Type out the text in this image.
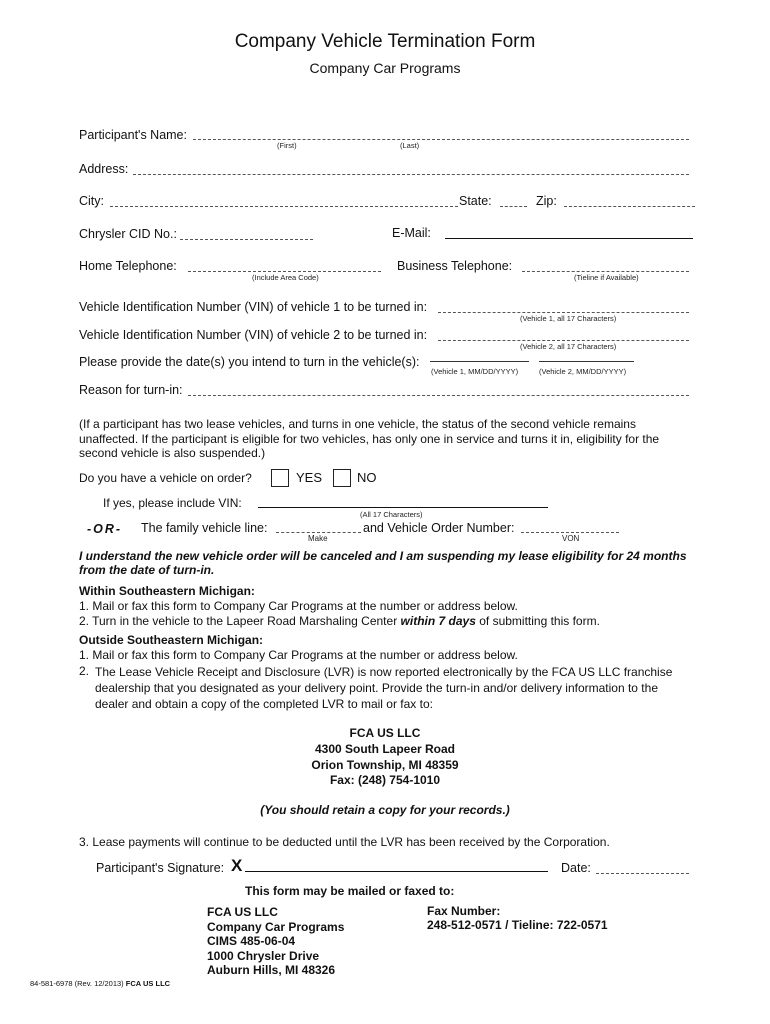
Company Vehicle Termination Form
Company Car Programs
Participant's Name:
(First)	(Last)
Address:
City:	State:	Zip:
Chrysler CID No.:	E-Mail:
Home Telephone:
(Include Area Code)
Business Telephone:
(Tieline if Available)
Vehicle Identification Number (VIN) of vehicle 1 to be turned in:
(Vehicle 1, all 17 Characters)
Vehicle Identification Number (VIN) of vehicle 2 to be turned in:
(Vehicle 2, all 17 Characters)
Please provide the date(s) you intend to turn in the vehicle(s):
(Vehicle 1, MM/DD/YYYY)	(Vehicle 2, MM/DD/YYYY)
Reason for turn-in:
(If a participant has two lease vehicles, and turns in one vehicle, the status of the second vehicle remains unaffected. If the participant is eligible for two vehicles, has only one in service and turns it in, eligibility for the second vehicle is also suspended.)
Do you have a vehicle on order?	YES	NO
If yes, please include VIN:
(All 17 Characters)
-OR- The family vehicle line:
Make
and Vehicle Order Number:
VON
I understand the new vehicle order will be canceled and I am suspending my lease eligibility for 24 months from the date of turn-in.
Within Southeastern Michigan:
1. Mail or fax this form to Company Car Programs at the number or address below.
2. Turn in the vehicle to the Lapeer Road Marshaling Center within 7 days of submitting this form.
Outside Southeastern Michigan:
1. Mail or fax this form to Company Car Programs at the number or address below.
2. The Lease Vehicle Receipt and Disclosure (LVR) is now reported electronically by the FCA US LLC franchise dealership that you designated as your delivery point. Provide the turn-in and/or delivery information to the dealer and obtain a copy of the completed LVR to mail or fax to:
FCA US LLC
4300 South Lapeer Road
Orion Township, MI 48359
Fax: (248) 754-1010
(You should retain a copy for your records.)
3. Lease payments will continue to be deducted until the LVR has been received by the Corporation.
Participant's Signature: X	Date:
This form may be mailed or faxed to:
FCA US LLC
Company Car Programs
CIMS 485-06-04
1000 Chrysler Drive
Auburn Hills, MI 48326
Fax Number:
248-512-0571 / Tieline: 722-0571
84-581-6978 (Rev. 12/2013) FCA US LLC
